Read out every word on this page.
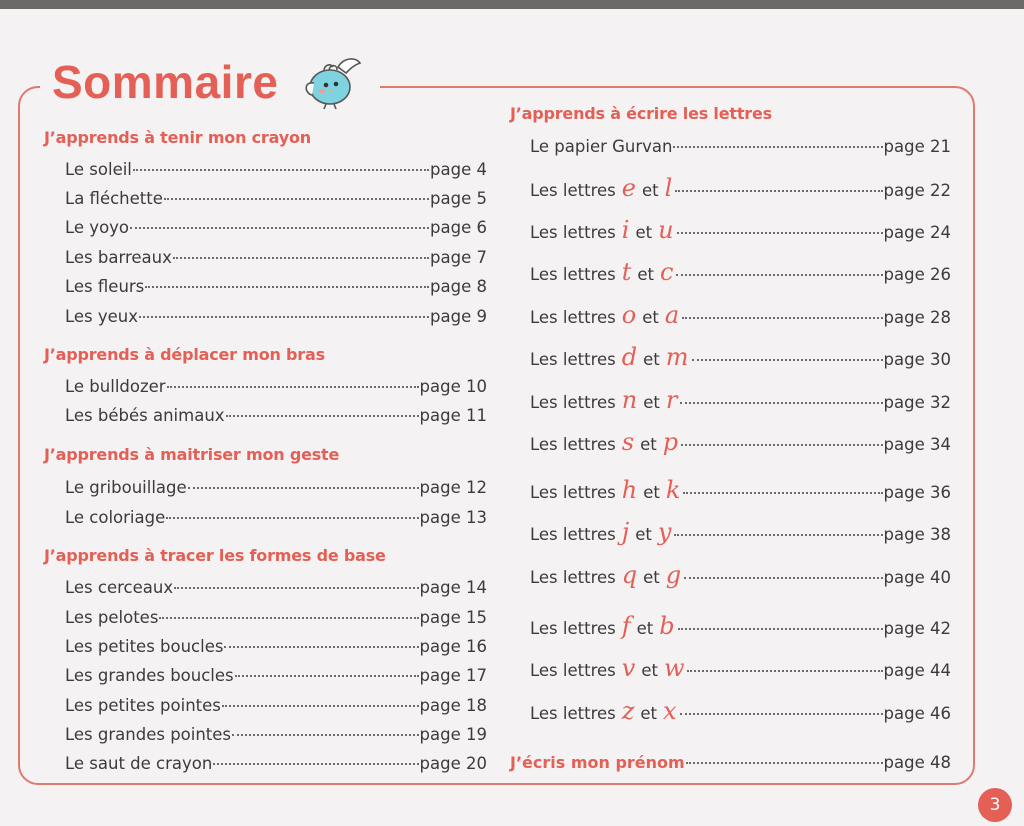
Sommaire
J’apprends à tenir mon crayon
Le soleil	page 4
La fléchette	page 5
Le yoyo	page 6
Les barreaux	page 7
Les fleurs	page 8
Les yeux	page 9
J’apprends à déplacer mon bras
Le bulldozer	page 10
Les bébés animaux	page 11
J’apprends à maitriser mon geste
Le gribouillage	page 12
Le coloriage	page 13
J’apprends à tracer les formes de base
Les cerceaux	page 14
Les pelotes	page 15
Les petites boucles	page 16
Les grandes boucles	page 17
Les petites pointes	page 18
Les grandes pointes	page 19
Le saut de crayon	page 20
J’apprends à écrire les lettres
Le papier Gurvan	page 21
Les lettres e et l	page 22
Les lettres i et u	page 24
Les lettres t et c	page 26
Les lettres o et a	page 28
Les lettres d et m	page 30
Les lettres n et r	page 32
Les lettres s et p	page 34
Les lettres h et k	page 36
Les lettres j et y	page 38
Les lettres q et g	page 40
Les lettres f et b	page 42
Les lettres v et w	page 44
Les lettres z et x	page 46
J’écris mon prénom	page 48
3
